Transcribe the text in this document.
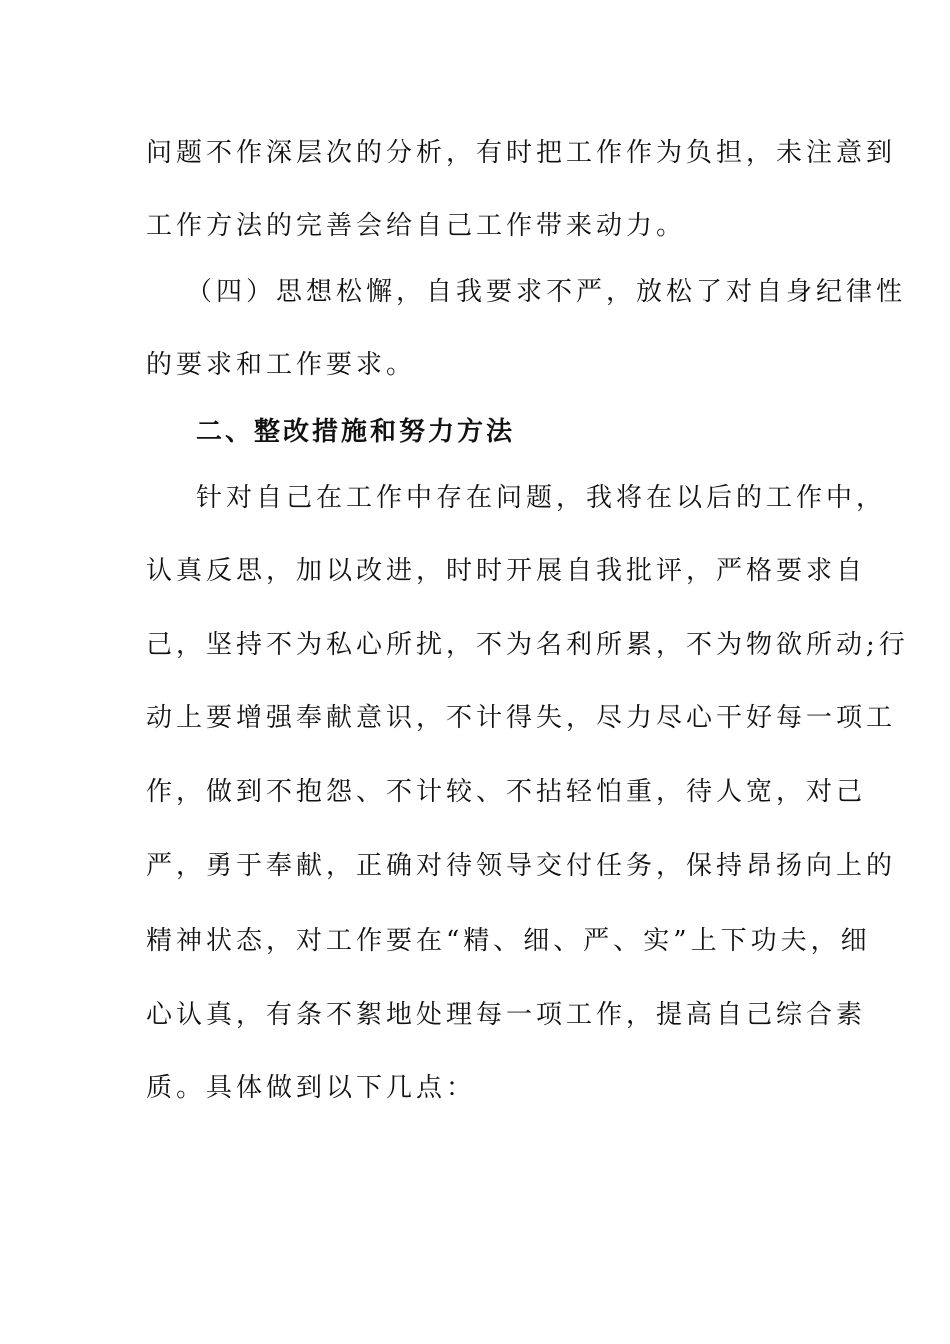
问题不作深层次的分析，有时把工作作为负担，未注意到
工作方法的完善会给自己工作带来动力。
（四）思想松懈，自我要求不严，放松了对自身纪律性
的要求和工作要求。
二、整改措施和努力方法
针对自己在工作中存在问题，我将在以后的工作中，
认真反思，加以改进，时时开展自我批评，严格要求自
己，坚持不为私心所扰，不为名利所累，不为物欲所动;行
动上要增强奉献意识，不计得失，尽力尽心干好每一项工
作，做到不抱怨、不计较、不拈轻怕重，待人宽，对己
严，勇于奉献，正确对待领导交付任务，保持昂扬向上的
精神状态，对工作要在“精、细、严、实”上下功夫，细
心认真，有条不絮地处理每一项工作，提高自己综合素
质。具体做到以下几点：
